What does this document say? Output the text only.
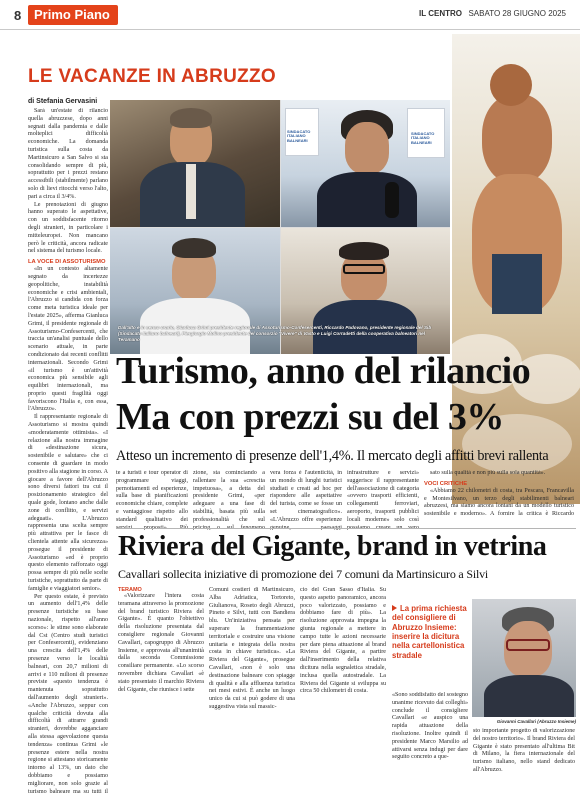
8 Primo Piano	IL CENTRO SABATO 28 GIUGNO 2025
LE VACANZE IN ABRUZZO
di Stefania Gervasini

Sarà un'estate di rilancio quella abruzzese, dopo anni segnati dalla pandemia e dalle molteplici difficoltà economiche. La domanda turistica sulla costa da Martinsicuro a San Salvo si sta consolidando sempre di più, soprattutto per i prezzi restano accessibili (stabilmente) parlano solo di lievi ritocchi verso l'alto, pari a circa il 3/4%.

Le prenotazioni di giugno hanno superato le aspettative, con un soddisfacente ritorno degli stranieri, in particolare i mitteleuropei. Non mancano però le criticità, ancora radicate nel sistema del turismo locale.

LA VOCE DI ASSOTURISMO

«In un contesto altamente segnato da incertezze geopolitiche, instabilità economiche e crisi ambientali, l'Abruzzo si candida con forza come meta turistica ideale per l'estate 2025», afferma Gianluca Grimi, il presidente regionale di Assoturismo-Confesercenti, che traccia un'analisi puntuale dello scenario attuale, in parte condizionato dai recenti conflitti internazionali. Secondo Grimi «il turismo è un'attività economica più sensibile agli equilibri internazionali, ma proprio questi fragilità oggi favoriscono l'Italia e, con essa, l'Abruzzo».

Il rappresentante regionale di Assoturismo si mostra quindi «moderatamente ottimista». «I relazione alla nostra immagine di «destinazione sicura, sostenibile e salutare» che ci consente di guardare in modo positivo alla stagione in corso. A giocare a favore dell'Abruzzo sono diversi fattori tra cui il posizionamento strategico del quale gode, lontano anche dalle zone di conflitto, e servizi adeguati». L'Abruzzo rappresenta una scelta sempre più attrattiva per le fasce di clientela attente alla sicurezza» prosegue il presidente di Assoturismo «ed è proprio questo elemento rafforzato oggi possa sempre di più nelle scelte turistiche, soprattutto da parte di famiglie e viaggiatori senior».

Per questo estate, è previsto un aumento dell'1,4% delle presenze turistiche su base nazionale, rispetto all'anno scorso»: le stime sono elaborate dal Cst (Centro studi turistici per Confesercenti), evidenziano una crescita dell'1,4% delle presenze verso le località balneari, con 20,7 milioni di arrivi e 110 milioni di presenze previste «questo tendenza è mantenuta soprattutto dall'aumento degli stranieri». «Anche l'Abruzzo, seppur con qualche criticità dovuta alla difficoltà di attrarre grandi stranieri, dovrebbe agganciare alla stessa agevolazione questa tendenza» continua Grimi «le presenze estere nella nostra regione si attestano storicamente intorno al 13%, un dato che dobbiamo e possiamo migliorare, non solo grazie al turismo balneare ma su tutti il

SINDACATO ITALIANO BALNEARI
SINDACATO ITALIANO BALNEARI
Dall'alto e in senso orario, Gianluca Grimi presidente regionale di Assoturismo-Confesercenti, Riccardo Padovano, presidente regionale del Sib (Sindacato Italiano balneari), Piergiorgio Molino presidente del consorzio "Vivere" di Vasto e Luigi Corradetti della cooperativa balneatori nel Teramano
Turismo, anno del rilancio
Ma con prezzi su del 3%
Atteso un incremento di presenze dell'1,4%. Il mercato degli affitti brevi rallenta
te a turisti e tour operator di programmare viaggi, pernottamenti ed esperienze, sulla base di pianificazioni economiche chiare, complete e vantaggiose rispetto allo standard qualitativo dei
zione, sta cominciando a rallentare la sua «crescita impetuosa», a detta del presidente Grimi, «per adeguare a una fase di stabilità, basata più sulla professionalità che sul
vera forza è l'autenticità, in un mondo di lunghi turistici studiati e creati ad hoc per rispondere alle aspettative del turista, come se fosse un set cinematografico». «L'Abruzzo offre esperienze
infrastrutture e servizi» suggerisce il rappresentante dell'associazione di categoria «ovvero trasporti efficienti, collegamenti ferroviari, aeroporto, trasporti pubblici locali moderne» solo così

sato sulla qualità e non più sulla sola quantità».

VOCI CRITICHE

«Abbiamo 22 chilometri di costa, tra Pescara, Francavilla e Montesilvano, un terzo degli stabilimenti balneari abruzzesi, ma siamo ancora lontani da un modello turistico sostenibile e moderno». A fornire la critica è Riccardo

Riviera del Gigante, brand in vetrina
Cavallari sollecita iniziative di promozione dei 7 comuni da Martinsicuro a Silvi
TERAMO

«Valorizzare l'intera costa teramana attraverso la promozione del brand turistico Riviera del Gigante». È quanto l'obiettivo della risoluzione presentata dal consigliere regionale Giovanni Cavallari, capogruppo di Abruzzo Insieme, e approvata all'unanimità dalla seconda Commissione consiliare permanente. «Lo scorso novembre dichiara Cavallari «è stato presentato il marchio Riviera del Gigante, che riunisce i sette

Comuni costieri di Martinsicuro, Alba Adriatica, Tortoreto, Giulianova, Roseto degli Abruzzi, Pineto e Silvi, tutti con Bandiera blu. Un'iniziativa pensata per superare la frammentazione territoriale e costruire una visione unitaria e integrata della nostra costa in chiave turistica». «La Riviera del Gigante», prosegue Cavallari, «non è solo una destinazione balneare con spiagge di qualità e alla affluenza turistica nei mesi estivi. È anche un luogo unico da cui si può godere di una suggestiva vista sul massic-
cio del Gran Sasso d'Italia. Su questo aspetto panoramico, ancora poco valorizzato, possiamo e dobbiamo fare di più». La risoluzione approvata impegna la giunta regionale a mettere in campo tutte le azioni necessarie per dare piena attuazione al brand Riviera del Gigante, a partire dall'inserimento della relativa dicitura nella segnaletica stradale, inclusa quella autostradale. La Riviera del Gigante si sviluppa su circa 50 chilometri di costa.
La prima richiesta del consigliere di Abruzzo Insieme: inserire la dicitura nella cartellonistica stradale
«Sono soddisfatto del sostegno unanime ricevuto dai colleghi» conclude il consigliere Cavallari «e auspico una rapida attuazione della risoluzione. Inoltre quindi il presidente Marco Marsilio ad attivarsi senza indugi per dare seguito concreto a que-
Giovanni Cavallari (Abruzzo Insieme)
sto importante progetto di valorizzazione del nostro territorio». Il brand Riviera del Gigante è stato presentato all'ultima Bit di Milano, la fiera internazionale del turismo italiano, nello stand dedicato all'Abruzzo.
